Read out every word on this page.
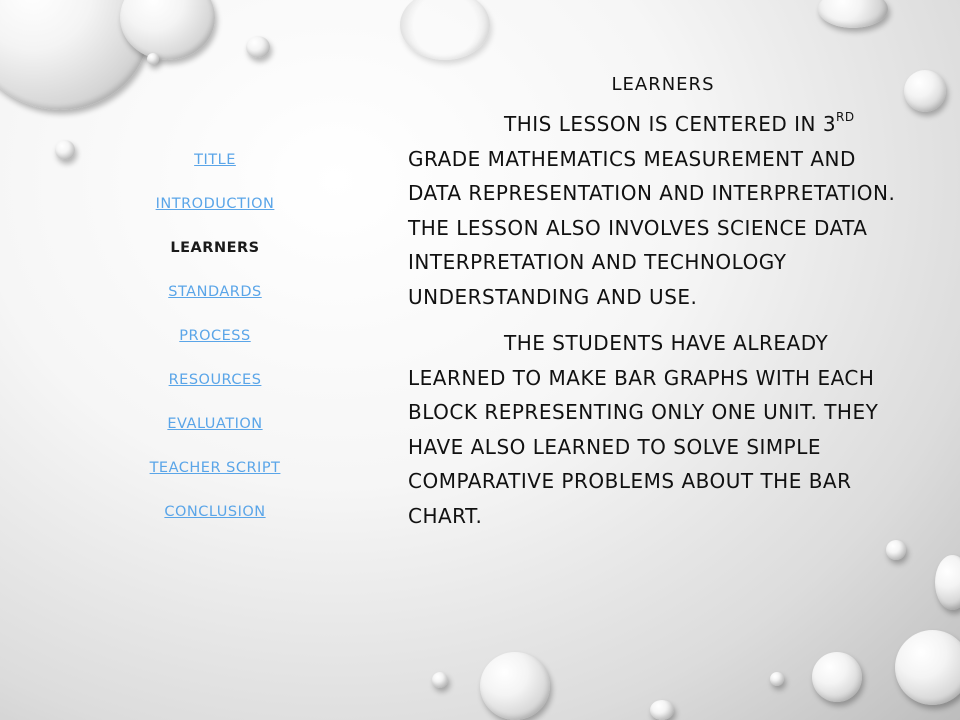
TITLE
INTRODUCTION
LEARNERS
STANDARDS
PROCESS
RESOURCES
EVALUATION
TEACHER SCRIPT
CONCLUSION
LEARNERS

THIS LESSON IS CENTERED IN 3RD GRADE MATHEMATICS MEASUREMENT AND DATA REPRESENTATION AND INTERPRETATION. THE LESSON ALSO INVOLVES SCIENCE DATA INTERPRETATION AND TECHNOLOGY UNDERSTANDING AND USE.

THE STUDENTS HAVE ALREADY LEARNED TO MAKE BAR GRAPHS WITH EACH BLOCK REPRESENTING ONLY ONE UNIT. THEY HAVE ALSO LEARNED TO SOLVE SIMPLE COMPARATIVE PROBLEMS ABOUT THE BAR CHART.
